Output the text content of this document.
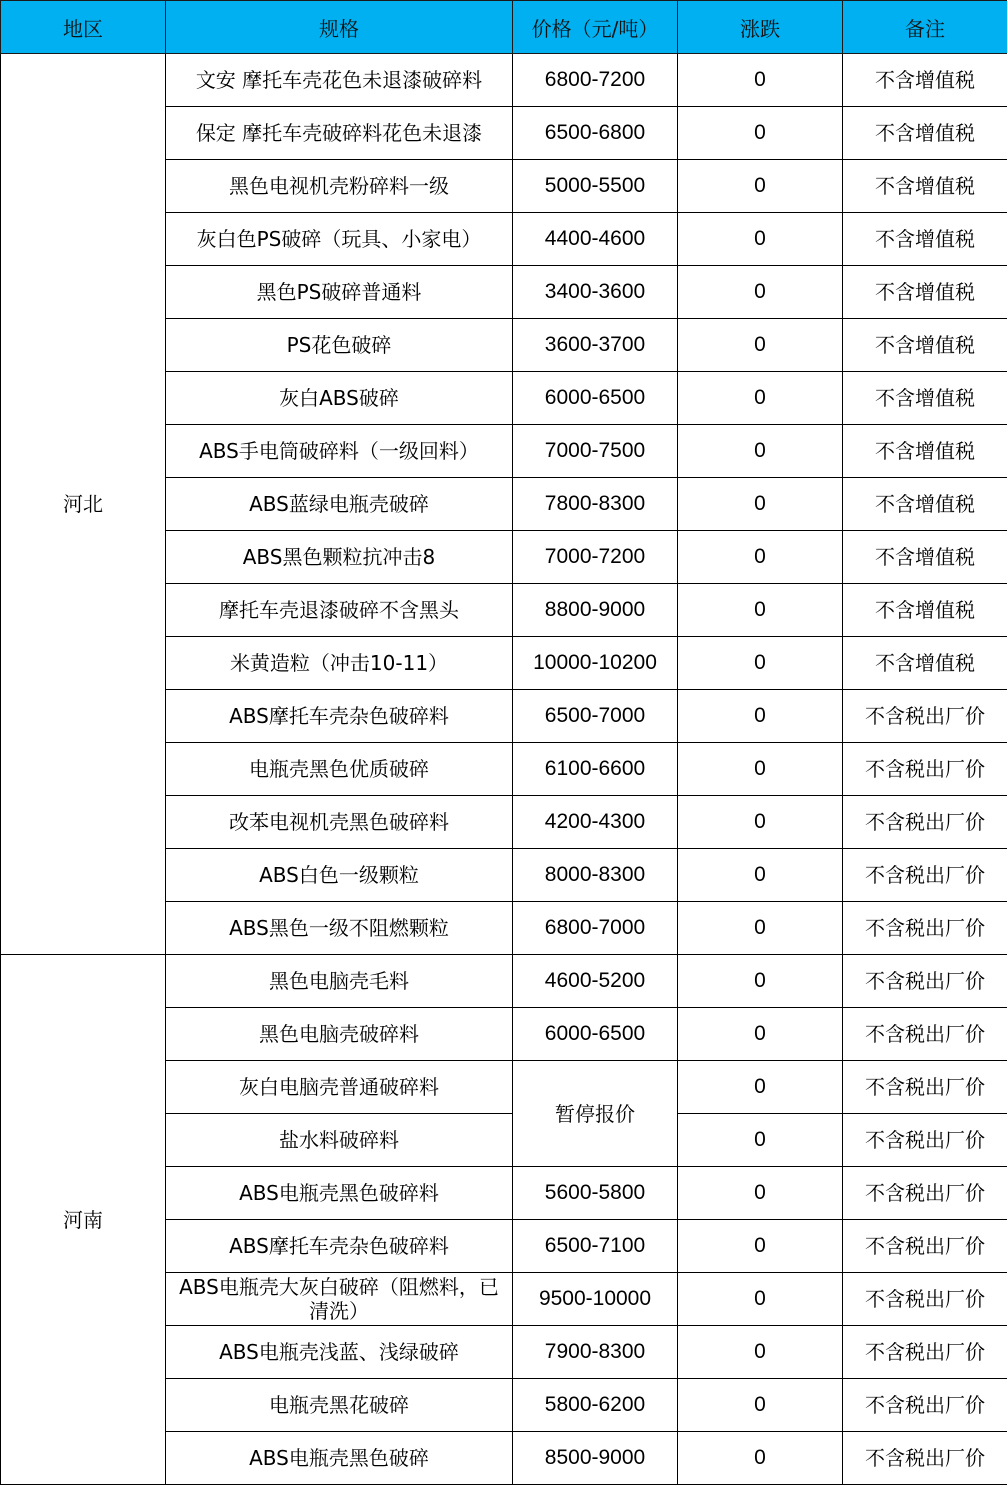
地区	规格	价格（元/吨）	涨跌	备注
河北	文安 摩托车壳花色未退漆破碎料	6800-7200	0	不含增值税
	保定 摩托车壳破碎料花色未退漆	6500-6800	0	不含增值税
	黑色电视机壳粉碎料一级	5000-5500	0	不含增值税
	灰白色PS破碎（玩具、小家电）	4400-4600	0	不含增值税
	黑色PS破碎普通料	3400-3600	0	不含增值税
	PS花色破碎	3600-3700	0	不含增值税
	灰白ABS破碎	6000-6500	0	不含增值税
	ABS手电筒破碎料（一级回料）	7000-7500	0	不含增值税
	ABS蓝绿电瓶壳破碎	7800-8300	0	不含增值税
	ABS黑色颗粒抗冲击8	7000-7200	0	不含增值税
	摩托车壳退漆破碎不含黑头	8800-9000	0	不含增值税
	米黄造粒（冲击10-11）	10000-10200	0	不含增值税
	ABS摩托车壳杂色破碎料	6500-7000	0	不含税出厂价
	电瓶壳黑色优质破碎	6100-6600	0	不含税出厂价
	改苯电视机壳黑色破碎料	4200-4300	0	不含税出厂价
	ABS白色一级颗粒	8000-8300	0	不含税出厂价
	ABS黑色一级不阻燃颗粒	6800-7000	0	不含税出厂价
河南	黑色电脑壳毛料	4600-5200	0	不含税出厂价
	黑色电脑壳破碎料	6000-6500	0	不含税出厂价
	灰白电脑壳普通破碎料	暂停报价	0	不含税出厂价
	盐水料破碎料		0	不含税出厂价
	ABS电瓶壳黑色破碎料	5600-5800	0	不含税出厂价
	ABS摩托车壳杂色破碎料	6500-7100	0	不含税出厂价
	ABS电瓶壳大灰白破碎（阻燃料，已清洗）	9500-10000	0	不含税出厂价
	ABS电瓶壳浅蓝、浅绿破碎	7900-8300	0	不含税出厂价
	电瓶壳黑花破碎	5800-6200	0	不含税出厂价
	ABS电瓶壳黑色破碎	8500-9000	0	不含税出厂价
